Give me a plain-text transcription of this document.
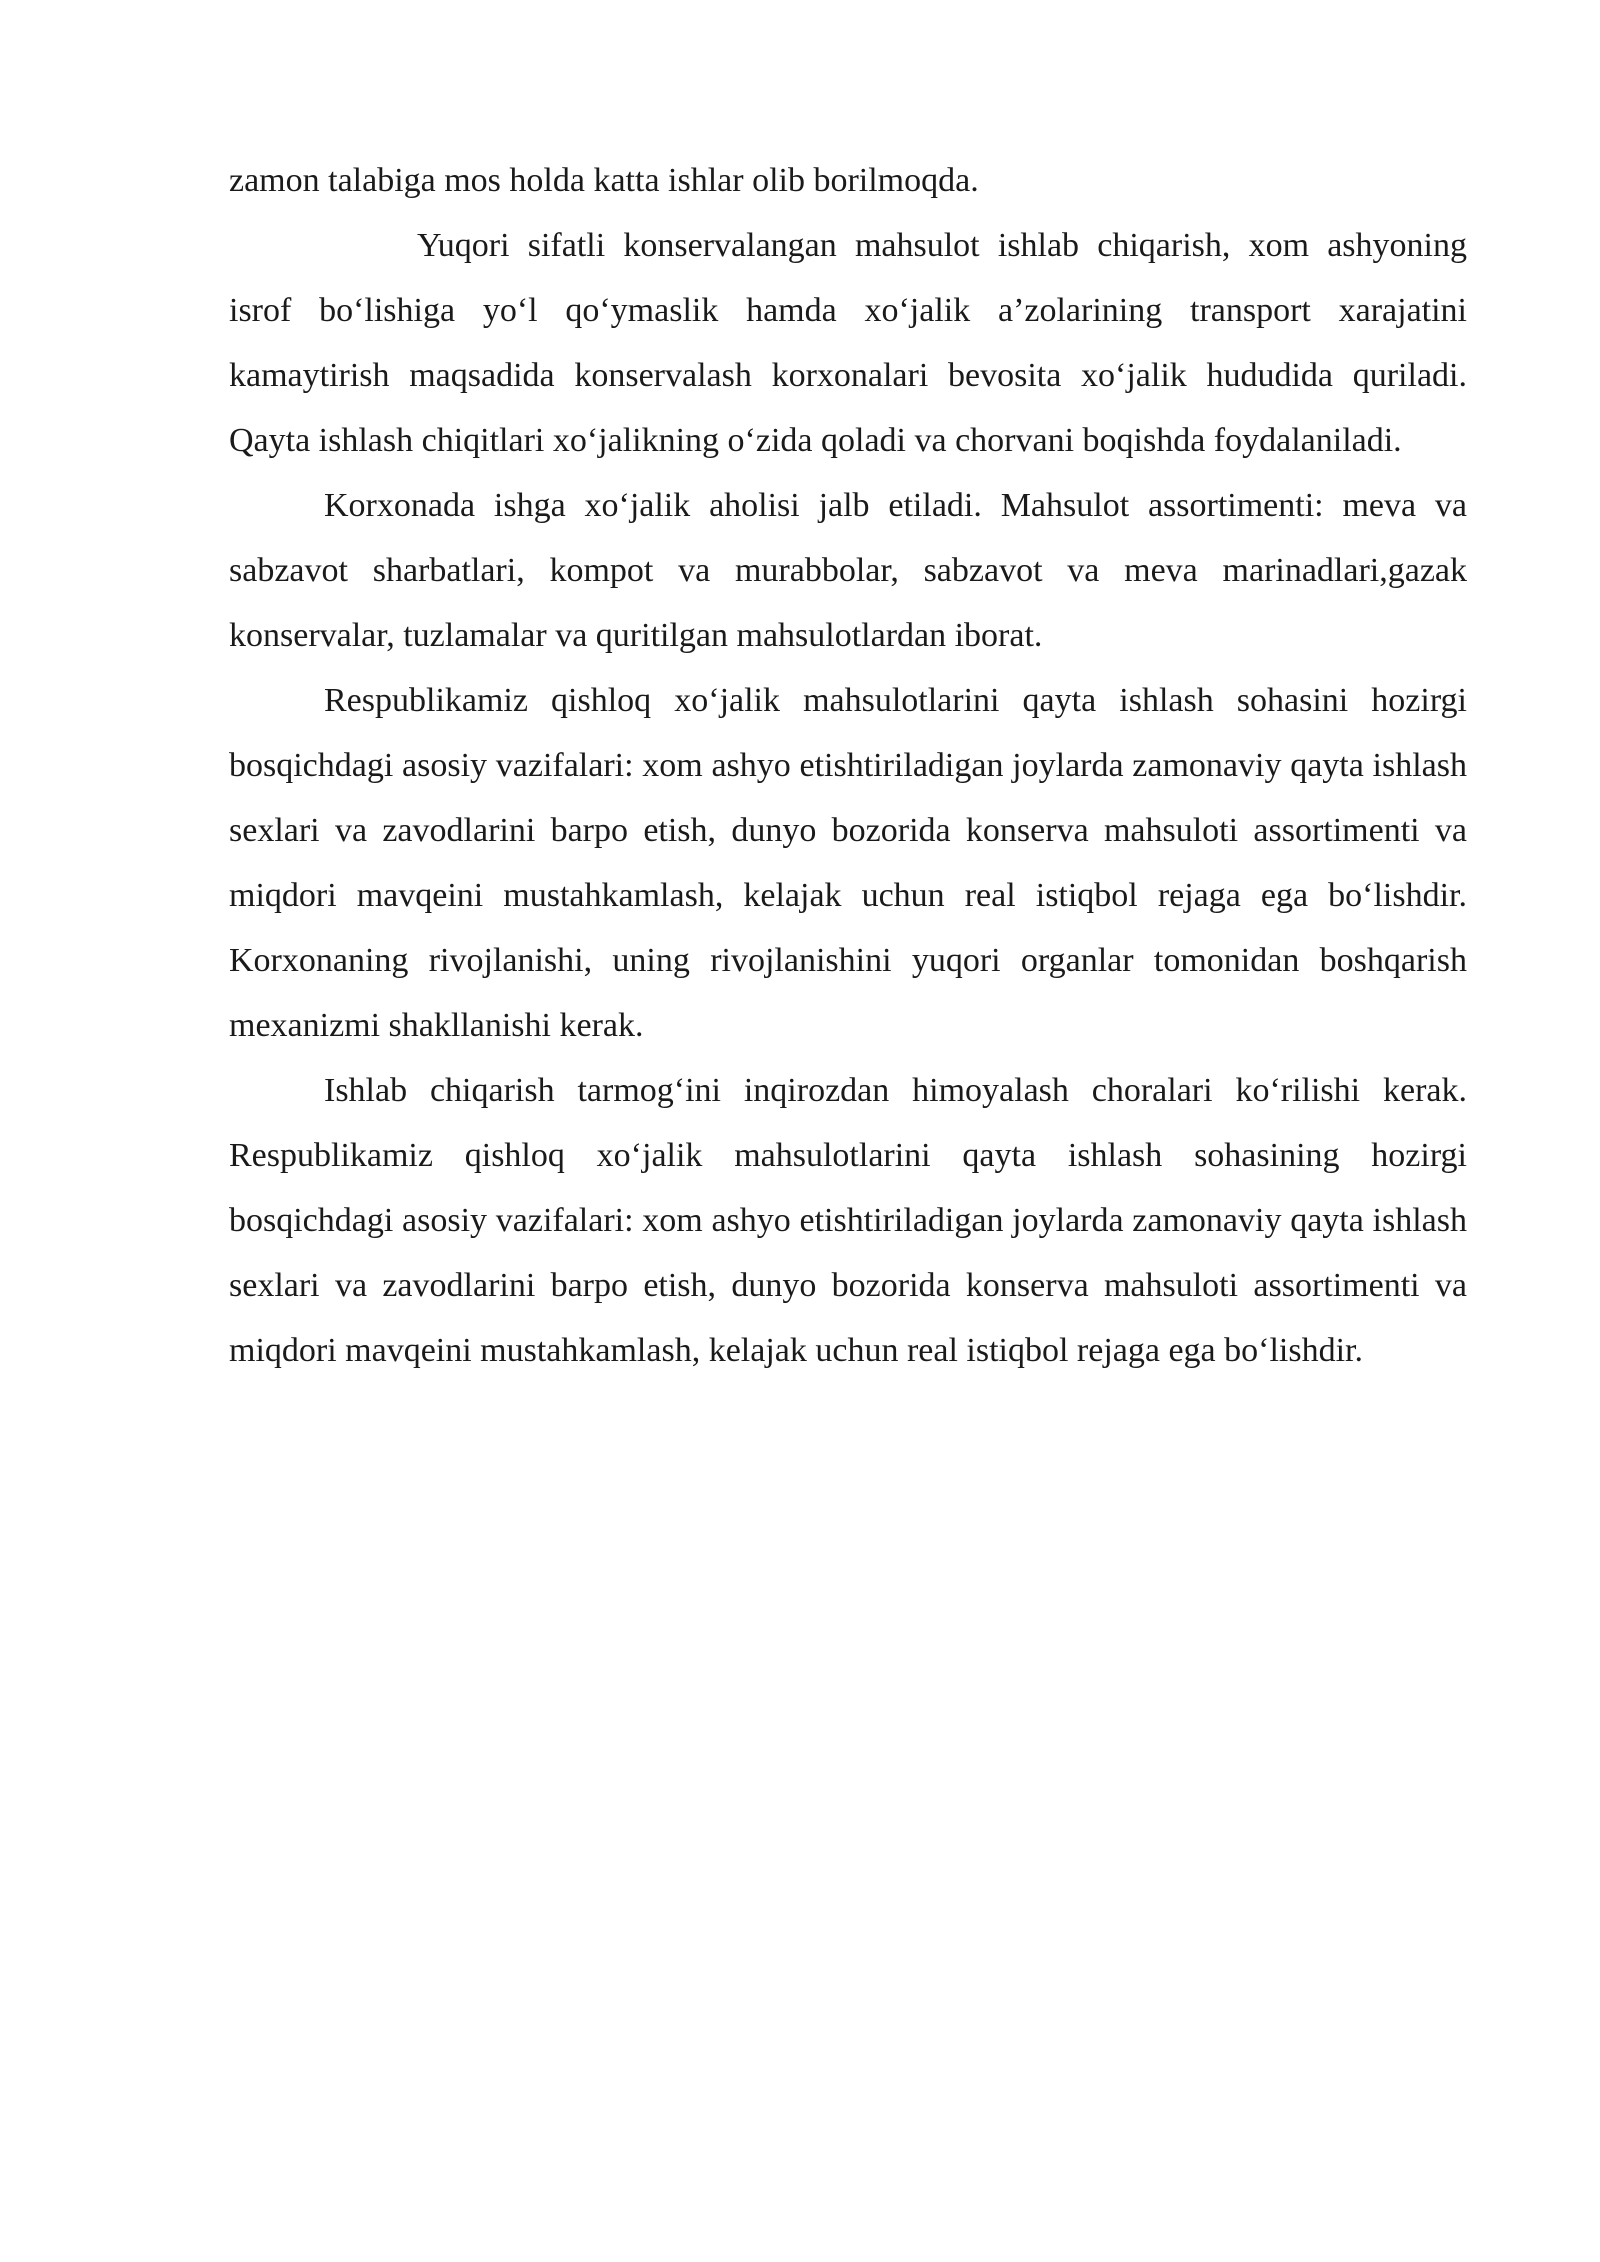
zamon talabiga mos holda katta ishlar olib borilmoqda.

Yuqori sifatli konservalangan mahsulot ishlab chiqarish, xom ashyoning isrof bo‘lishiga yo‘l qo‘ymaslik hamda xo‘jalik a’zolarining transport xarajatini kamaytirish maqsadida konservalash korxonalari bevosita xo‘jalik hududida quriladi. Qayta ishlash chiqitlari xo‘jalikning o‘zida qoladi va chorvani boqishda foydalaniladi.

Korxonada ishga xo‘jalik aholisi jalb etiladi. Mahsulot assortimenti: meva va sabzavot sharbatlari, kompot va murabbolar, sabzavot va meva marinadlari,gazak konservalar, tuzlamalar va quritilgan mahsulotlardan iborat.

Respublikamiz qishloq xo‘jalik mahsulotlarini qayta ishlash sohasini hozirgi bosqichdagi asosiy vazifalari: xom ashyo etishtiriladigan joylarda zamonaviy qayta ishlash sexlari va zavodlarini barpo etish, dunyo bozorida konserva mahsuloti assortimenti va miqdori mavqeini mustahkamlash, kelajak uchun real istiqbol rejaga ega bo‘lishdir. Korxonaning rivojlanishi, uning rivojlanishini yuqori organlar tomonidan boshqarish mexanizmi shakllanishi kerak.

Ishlab chiqarish tarmog‘ini inqirozdan himoyalash choralari ko‘rilishi kerak. Respublikamiz qishloq xo‘jalik mahsulotlarini qayta ishlash sohasining hozirgi bosqichdagi asosiy vazifalari: xom ashyo etishtiriladigan joylarda zamonaviy qayta ishlash sexlari va zavodlarini barpo etish, dunyo bozorida konserva mahsuloti assortimenti va miqdori mavqeini mustahkamlash, kelajak uchun real istiqbol rejaga ega bo‘lishdir.
